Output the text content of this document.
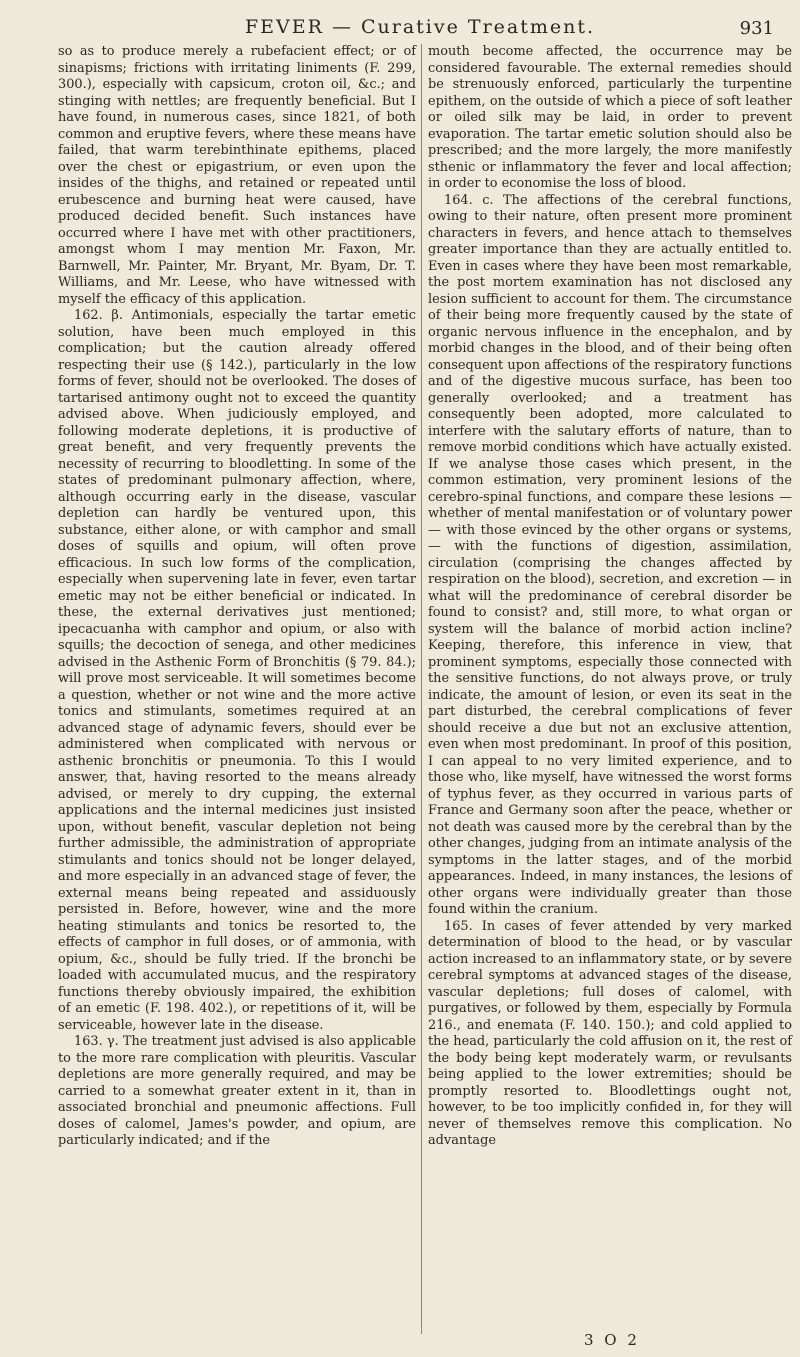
FEVER — Curative Treatment.	931

so as to produce merely a rubefacient effect; or of sinapisms; frictions with irritating liniments (F. 299, 300.), especially with capsicum, croton oil, &c.; and stinging with nettles; are frequently beneficial. But I have found, in numerous cases, since 1821, of both common and eruptive fevers, where these means have failed, that warm terebinthinate epithems, placed over the chest or epigastrium, or even upon the insides of the thighs, and retained or repeated until erubescence and burning heat were caused, have produced decided benefit. Such instances have occurred where I have met with other practitioners, amongst whom I may mention Mr. Faxon, Mr. Barnwell, Mr. Painter, Mr. Bryant, Mr. Byam, Dr. T. Williams, and Mr. Leese, who have witnessed with myself the efficacy of this application.

162. β. Antimonials, especially the tartar emetic solution, have been much employed in this complication; but the caution already offered respecting their use (§ 142.), particularly in the low forms of fever, should not be overlooked. The doses of tartarised antimony ought not to exceed the quantity advised above. When judiciously employed, and following moderate depletions, it is productive of great benefit, and very frequently prevents the necessity of recurring to bloodletting. In some of the states of predominant pulmonary affection, where, although occurring early in the disease, vascular depletion can hardly be ventured upon, this substance, either alone, or with camphor and small doses of squills and opium, will often prove efficacious. In such low forms of the complication, especially when supervening late in fever, even tartar emetic may not be either beneficial or indicated. In these, the external derivatives just mentioned; ipecacuanha with camphor and opium, or also with squills; the decoction of senega, and other medicines advised in the Asthenic Form of Bronchitis (§ 79. 84.); will prove most serviceable. It will sometimes become a question, whether or not wine and the more active tonics and stimulants, sometimes required at an advanced stage of adynamic fevers, should ever be administered when complicated with nervous or asthenic bronchitis or pneumonia. To this I would answer, that, having resorted to the means already advised, or merely to dry cupping, the external applications and the internal medicines just insisted upon, without benefit, vascular depletion not being further admissible, the administration of appropriate stimulants and tonics should not be longer delayed, and more especially in an advanced stage of fever, the external means being repeated and assiduously persisted in. Before, however, wine and the more heating stimulants and tonics be resorted to, the effects of camphor in full doses, or of ammonia, with opium, &c., should be fully tried. If the bronchi be loaded with accumulated mucus, and the respiratory functions thereby obviously impaired, the exhibition of an emetic (F. 198. 402.), or repetitions of it, will be serviceable, however late in the disease.

163. γ. The treatment just advised is also applicable to the more rare complication with pleuritis. Vascular depletions are more generally required, and may be carried to a somewhat greater extent in it, than in associated bronchial and pneumonic affections. Full doses of calomel, James's powder, and opium, are particularly indicated; and if the

mouth become affected, the occurrence may be considered favourable. The external remedies should be strenuously enforced, particularly the turpentine epithem, on the outside of which a piece of soft leather or oiled silk may be laid, in order to prevent evaporation. The tartar emetic solution should also be prescribed; and the more largely, the more manifestly sthenic or inflammatory the fever and local affection; in order to economise the loss of blood.

164. c. The affections of the cerebral functions, owing to their nature, often present more prominent characters in fevers, and hence attach to themselves greater importance than they are actually entitled to. Even in cases where they have been most remarkable, the post mortem examination has not disclosed any lesion sufficient to account for them. The circumstance of their being more frequently caused by the state of organic nervous influence in the encephalon, and by morbid changes in the blood, and of their being often consequent upon affections of the respiratory functions and of the digestive mucous surface, has been too generally overlooked; and a treatment has consequently been adopted, more calculated to interfere with the salutary efforts of nature, than to remove morbid conditions which have actually existed. If we analyse those cases which present, in the common estimation, very prominent lesions of the cerebro-spinal functions, and compare these lesions — whether of mental manifestation or of voluntary power — with those evinced by the other organs or systems, — with the functions of digestion, assimilation, circulation (comprising the changes affected by respiration on the blood), secretion, and excretion — in what will the predominance of cerebral disorder be found to consist? and, still more, to what organ or system will the balance of morbid action incline? Keeping, therefore, this inference in view, that prominent symptoms, especially those connected with the sensitive functions, do not always prove, or truly indicate, the amount of lesion, or even its seat in the part disturbed, the cerebral complications of fever should receive a due but not an exclusive attention, even when most predominant. In proof of this position, I can appeal to no very limited experience, and to those who, like myself, have witnessed the worst forms of typhus fever, as they occurred in various parts of France and Germany soon after the peace, whether or not death was caused more by the cerebral than by the other changes, judging from an intimate analysis of the symptoms in the latter stages, and of the morbid appearances. Indeed, in many instances, the lesions of other organs were individually greater than those found within the cranium.

165. In cases of fever attended by very marked determination of blood to the head, or by vascular action increased to an inflammatory state, or by severe cerebral symptoms at advanced stages of the disease, vascular depletions; full doses of calomel, with purgatives, or followed by them, especially by Formula 216., and enemata (F. 140. 150.); and cold applied to the head, particularly the cold affusion on it, the rest of the body being kept moderately warm, or revulsants being applied to the lower extremities; should be promptly resorted to. Bloodlettings ought not, however, to be too implicitly confided in, for they will never of themselves remove this complication. No advantage

3 O 2
